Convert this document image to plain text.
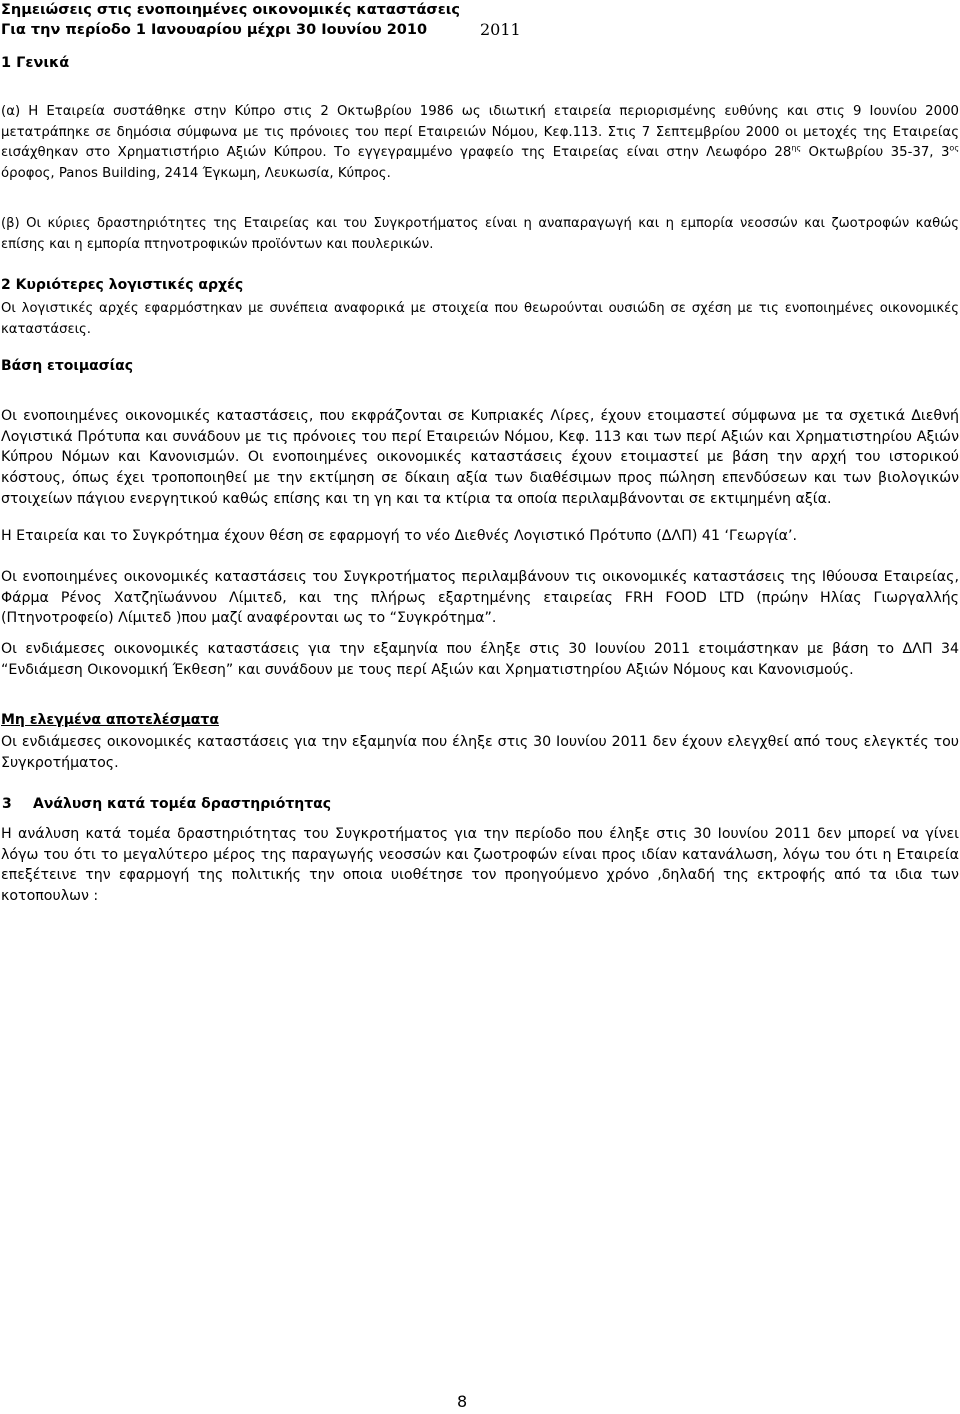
Σημειώσεις στις ενοποιημένες οικονομικές καταστάσεις
Για την περίοδο 1 Ιανουαρίου μέχρι 30 Ιουνίου 2010	2011
1 Γενικά

(α) Η Εταιρεία συστάθηκε στην Κύπρο στις 2 Οκτωβρίου 1986 ως ιδιωτική εταιρεία περιορισμένης ευθύνης και στις 9 Ιουνίου 2000 μετατράπηκε σε δημόσια σύμφωνα με τις πρόνοιες του περί Εταιρειών Νόμου, Κεφ.113. Στις 7 Σεπτεμβρίου 2000 οι μετοχές της Εταιρείας εισάχθηκαν στο Χρηματιστήριο Αξιών Κύπρου. Το εγγεγραμμένο γραφείο της Εταιρείας είναι στην Λεωφόρο $28^{\eta\varsigma}$ Οκτωβρίου 35-37, $3^{o\varsigma}$ όροφος, Panos Building, 2414 Έγκωμη, Λευκωσία, Κύπρος.

(β) Οι κύριες δραστηριότητες της Εταιρείας και του Συγκροτήματος είναι η αναπαραγωγή και η εμπορία νεοσσών και ζωοτροφών καθώς επίσης και η εμπορία πτηνοτροφικών προϊόντων και πουλερικών.

2 Κυριότερες λογιστικές αρχές

Οι λογιστικές αρχές εφαρμόστηκαν με συνέπεια αναφορικά με στοιχεία που θεωρούνται ουσιώδη σε σχέση με τις ενοποιημένες οικονομικές καταστάσεις.

Βάση ετοιμασίας

Οι ενοποιημένες οικονομικές καταστάσεις, που εκφράζονται σε Κυπριακές Λίρες, έχουν ετοιμαστεί σύμφωνα με τα σχετικά Διεθνή Λογιστικά Πρότυπα και συνάδουν με τις πρόνοιες του περί Εταιρειών Νόμου, Κεφ. 113 και των περί Αξιών και Χρηματιστηρίου Αξιών Κύπρου Νόμων και Κανονισμών. Οι ενοποιημένες οικονομικές καταστάσεις έχουν ετοιμαστεί με βάση την αρχή του ιστορικού κόστους, όπως έχει τροποποιηθεί με την εκτίμηση σε δίκαιη αξία των διαθέσιμων προς πώληση επενδύσεων και των βιολογικών στοιχείων πάγιου ενεργητικού καθώς επίσης και τη γη και τα κτίρια τα οποία περιλαμβάνονται σε εκτιμημένη αξία.

Η Εταιρεία και το Συγκρότημα έχουν θέση σε εφαρμογή το νέο Διεθνές Λογιστικό Πρότυπο (ΔΛΠ) 41 ‘Γεωργία’.

Οι ενοποιημένες οικονομικές καταστάσεις του Συγκροτήματος περιλαμβάνουν τις οικονομικές καταστάσεις της Ιθύουσα Εταιρείας, Φάρμα Ρένος Χατζηϊωάννου Λίμιτεδ, και της πλήρως εξαρτημένης εταιρείας FRH FOOD LTD (πρώην Ηλίας Γιωργαλλής (Πτηνοτροφείο) Λίμιτεδ )που μαζί αναφέρονται ως το “Συγκρότημα”.

Οι ενδιάμεσες οικονομικές καταστάσεις για την εξαμηνία που έληξε στις 30 Ιουνίου 2011 ετοιμάστηκαν με βάση το ΔΛΠ 34 “Ενδιάμεση Οικονομική Έκθεση” και συνάδουν με τους περί Αξιών και Χρηματιστηρίου Αξιών Νόμους και Κανονισμούς.

Μη ελεγμένα αποτελέσματα

Οι ενδιάμεσες οικονομικές καταστάσεις για την εξαμηνία που έληξε στις 30 Ιουνίου 2011 δεν έχουν ελεγχθεί από τους ελεγκτές του Συγκροτήματος.

3 Ανάλυση κατά τομέα δραστηριότητας

Η ανάλυση κατά τομέα δραστηριότητας του Συγκροτήματος για την περίοδο που έληξε στις 30 Ιουνίου 2011 δεν μπορεί να γίνει λόγω του ότι το μεγαλύτερο μέρος της παραγωγής νεοσσών και ζωοτροφών είναι προς ιδίαν κατανάλωση, λόγω του ότι η Εταιρεία επεξέτεινε την εφαρμογή της πολιτικής την οποια υιοθέτησε τον προηγούμενο χρόνο ,δηλαδή της εκτροφής από τα ιδια των κοτοπουλων :

8
